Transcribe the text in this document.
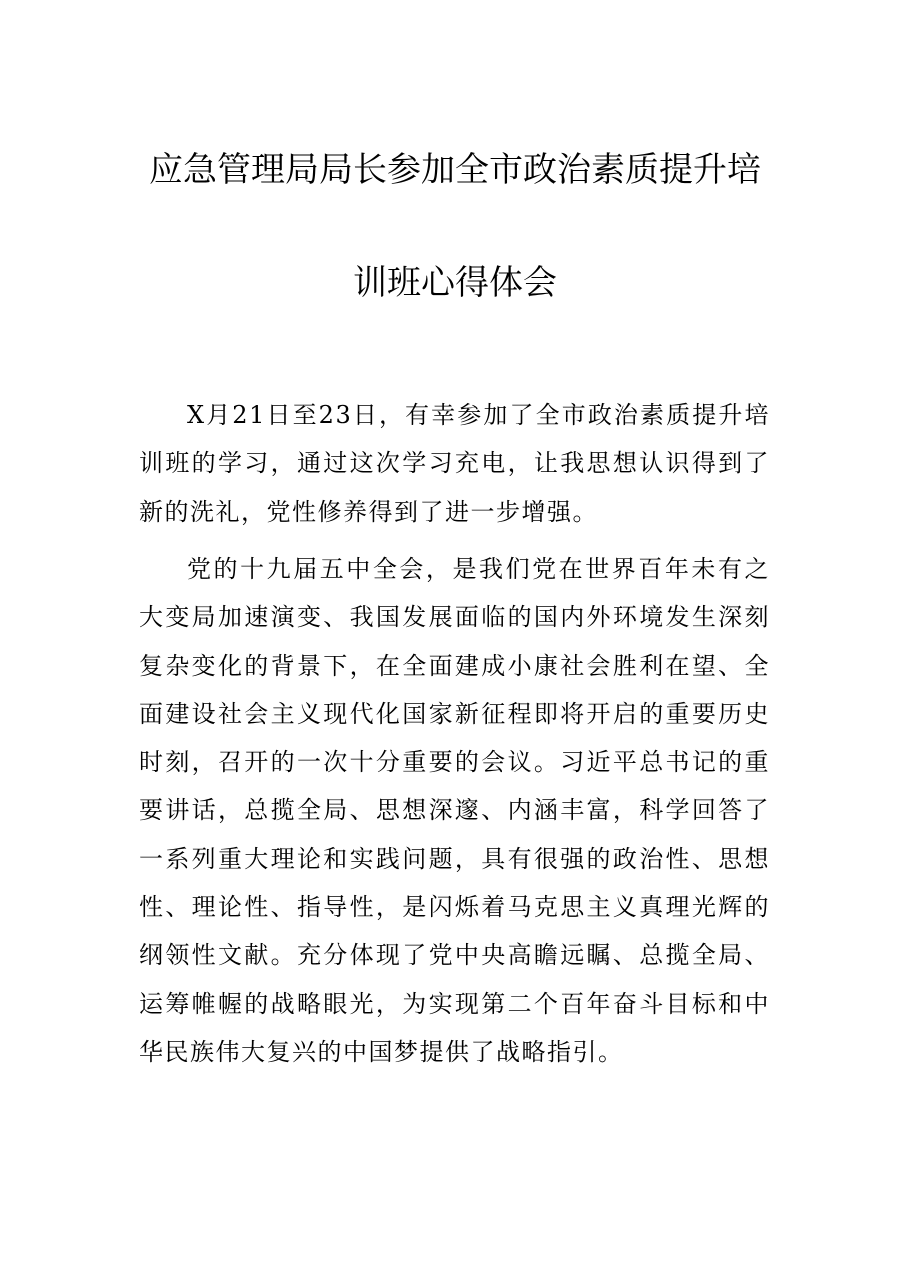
应急管理局局长参加全市政治素质提升培
训班心得体会

X月21日至23日，有幸参加了全市政治素质提升培训班的学习，通过这次学习充电，让我思想认识得到了新的洗礼，党性修养得到了进一步增强。

党的十九届五中全会，是我们党在世界百年未有之大变局加速演变、我国发展面临的国内外环境发生深刻复杂变化的背景下，在全面建成小康社会胜利在望、全面建设社会主义现代化国家新征程即将开启的重要历史时刻，召开的一次十分重要的会议。习近平总书记的重要讲话，总揽全局、思想深邃、内涵丰富，科学回答了一系列重大理论和实践问题，具有很强的政治性、思想性、理论性、指导性，是闪烁着马克思主义真理光辉的纲领性文献。充分体现了党中央高瞻远瞩、总揽全局、运筹帷幄的战略眼光，为实现第二个百年奋斗目标和中华民族伟大复兴的中国梦提供了战略指引。
